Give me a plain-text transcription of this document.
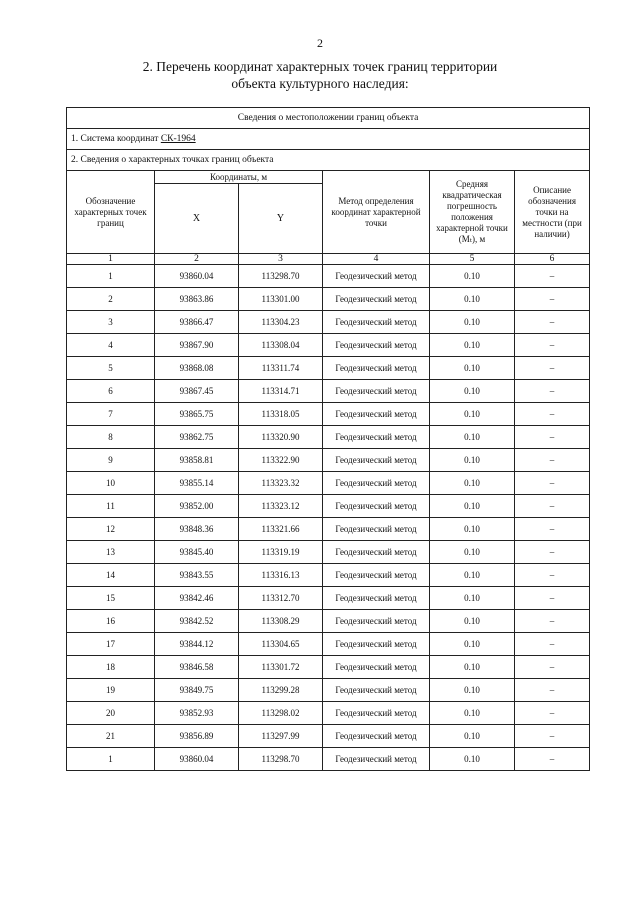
2
2. Перечень координат характерных точек границ территории
объекта культурного наследия:
Сведения о местоположении границ объекта					
1. Система координат СК-1964					
2. Сведения о характерных точках границ объекта					
Обозначение характерных точек границ	Координаты, м		Метод определения координат характерной точки	Средняя квадратическая погрешность положения характерной точки (Mₜ), м	Описание обозначения точки на местности (при наличии)
	X	Y			
1	2	3	4	5	6
1	93860.04	113298.70	Геодезический метод	0.10	–
2	93863.86	113301.00	Геодезический метод	0.10	–
3	93866.47	113304.23	Геодезический метод	0.10	–
4	93867.90	113308.04	Геодезический метод	0.10	–
5	93868.08	113311.74	Геодезический метод	0.10	–
6	93867.45	113314.71	Геодезический метод	0.10	–
7	93865.75	113318.05	Геодезический метод	0.10	–
8	93862.75	113320.90	Геодезический метод	0.10	–
9	93858.81	113322.90	Геодезический метод	0.10	–
10	93855.14	113323.32	Геодезический метод	0.10	–
11	93852.00	113323.12	Геодезический метод	0.10	–
12	93848.36	113321.66	Геодезический метод	0.10	–
13	93845.40	113319.19	Геодезический метод	0.10	–
14	93843.55	113316.13	Геодезический метод	0.10	–
15	93842.46	113312.70	Геодезический метод	0.10	–
16	93842.52	113308.29	Геодезический метод	0.10	–
17	93844.12	113304.65	Геодезический метод	0.10	–
18	93846.58	113301.72	Геодезический метод	0.10	–
19	93849.75	113299.28	Геодезический метод	0.10	–
20	93852.93	113298.02	Геодезический метод	0.10	–
21	93856.89	113297.99	Геодезический метод	0.10	–
1	93860.04	113298.70	Геодезический метод	0.10	–
